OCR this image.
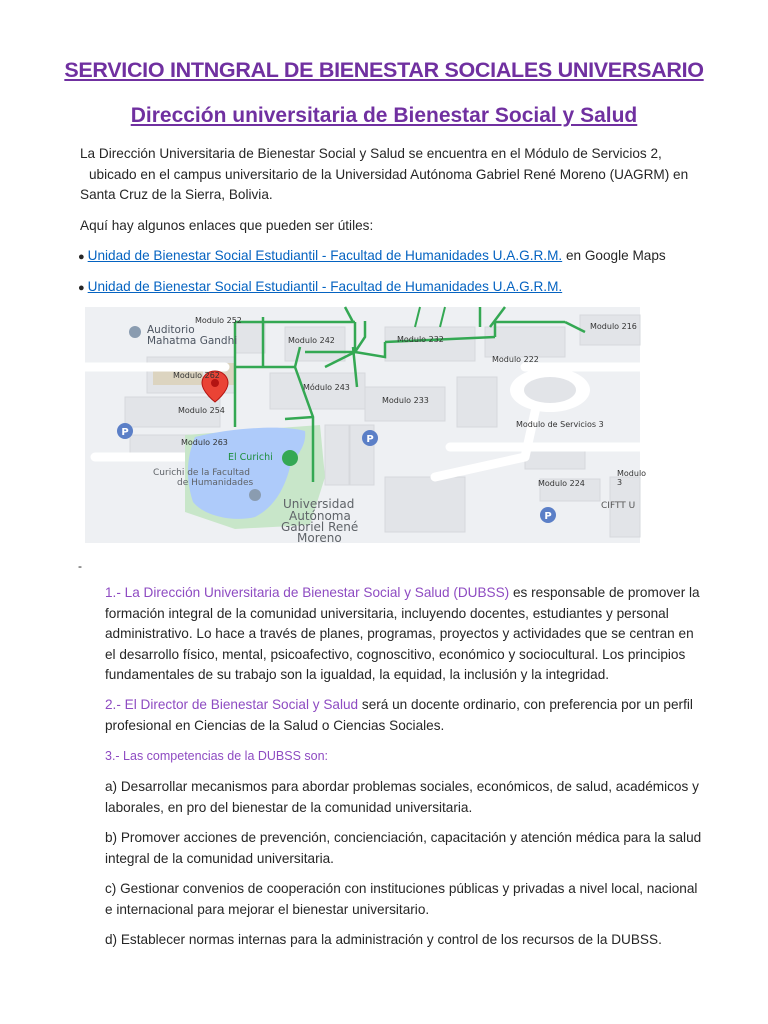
SERVICIO INTNGRAL DE BIENESTAR SOCIALES UNIVERSARIO
Dirección universitaria de Bienestar Social y Salud
La Dirección Universitaria de Bienestar Social y Salud se encuentra en el Módulo de Servicios 2,

ubicado en el campus universitario de la Universidad Autónoma Gabriel René Moreno (UAGRM) en
Santa Cruz de la Sierra, Bolivia.
Aquí hay algunos enlaces que pueden ser útiles:
● Unidad de Bienestar Social Estudiantil - Facultad de Humanidades U.A.G.R.M. en Google Maps
● Unidad de Bienestar Social Estudiantil - Facultad de Humanidades U.A.G.R.M.
P
P
P
Auditorio
Mahatma Gandhi
Modulo 252
Modulo 242	Modulo 232
Modulo 216
Modulo 222
Modulo 262
Módulo 243
Modulo 233
Modulo 254
Modulo de Servicios 3
Modulo 263
El Curichi
Curichi de la Facultad
de Humanidades
Universidad
Autónoma
Gabriel René
Moreno
Modulo 3
Modulo 224
CIFTT U
-
1.- La Dirección Universitaria de Bienestar Social y Salud (DUBSS) es responsable de promover la
formación integral de la comunidad universitaria, incluyendo docentes, estudiantes y personal
administrativo. Lo hace a través de planes, programas, proyectos y actividades que se centran en
el desarrollo físico, mental, psicoafectivo, cognoscitivo, económico y sociocultural. Los principios
fundamentales de su trabajo son la igualdad, la equidad, la inclusión y la integridad.
2.- El Director de Bienestar Social y Salud será un docente ordinario, con preferencia por un perfil
profesional en Ciencias de la Salud o Ciencias Sociales.
3.- Las competencias de la DUBSS son:
a) Desarrollar mecanismos para abordar problemas sociales, económicos, de salud, académicos y
laborales, en pro del bienestar de la comunidad universitaria.
b) Promover acciones de prevención, concienciación, capacitación y atención médica para la salud
integral de la comunidad universitaria.
c) Gestionar convenios de cooperación con instituciones públicas y privadas a nivel local, nacional
e internacional para mejorar el bienestar universitario.
d) Establecer normas internas para la administración y control de los recursos de la DUBSS.
